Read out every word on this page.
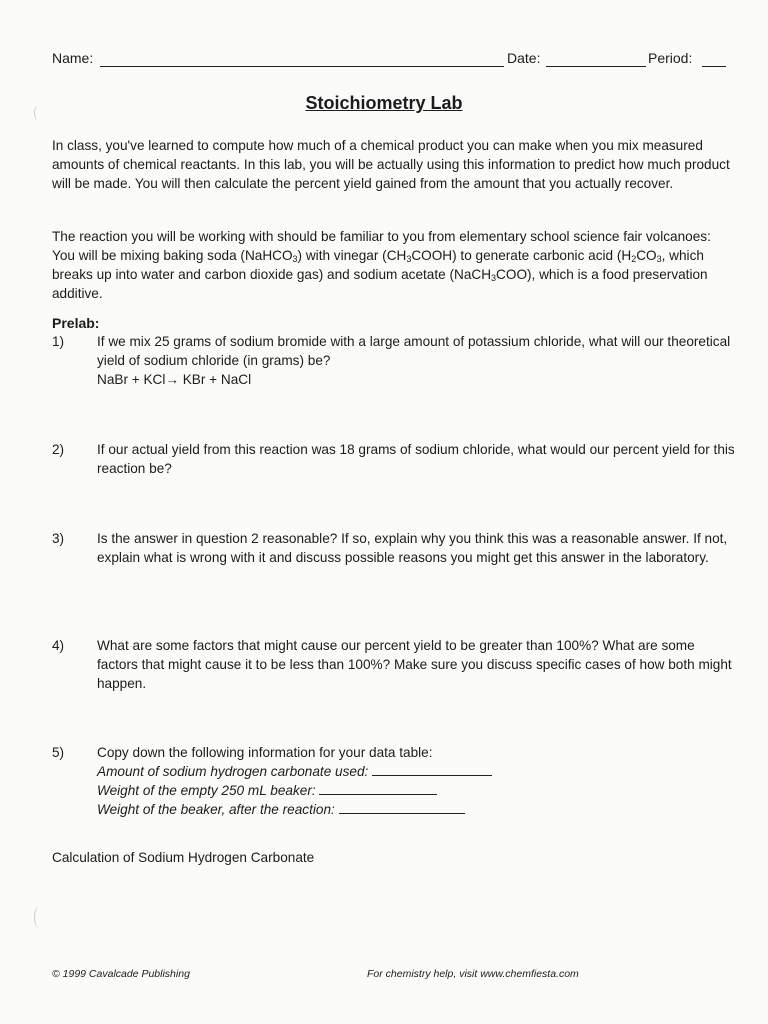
Name:	Date:	Period:
Stoichiometry Lab
In class, you've learned to compute how much of a chemical product you can make when you mix measured amounts of chemical reactants. In this lab, you will be actually using this information to predict how much product will be made. You will then calculate the percent yield gained from the amount that you actually recover.
The reaction you will be working with should be familiar to you from elementary school science fair volcanoes: You will be mixing baking soda (NaHCO$_3$) with vinegar $(CH_3COOH)$ to generate carbonic acid ($H_2CO_3$, which breaks up into water and carbon dioxide gas) and sodium acetate (NaCH$_3$COO), which is a food preservation additive.
Prelab:
1) If we mix 25 grams of sodium bromide with a large amount of potassium chloride, what will our theoretical yield of sodium chloride (in grams) be?
NaBr + KCl→ KBr + NaCl
2) If our actual yield from this reaction was 18 grams of sodium chloride, what would our percent yield for this reaction be?
3) Is the answer in question 2 reasonable? If so, explain why you think this was a reasonable answer. If not, explain what is wrong with it and discuss possible reasons you might get this answer in the laboratory.
4) What are some factors that might cause our percent yield to be greater than 100%? What are some factors that might cause it to be less than 100%? Make sure you discuss specific cases of how both might happen.
5) Copy down the following information for your data table:
Amount of sodium hydrogen carbonate used:
Weight of the empty 250 mL beaker:
Weight of the beaker, after the reaction:
Calculation of Sodium Hydrogen Carbonate
© 1999 Cavalcade Publishing	For chemistry help, visit www.chemfiesta.com
